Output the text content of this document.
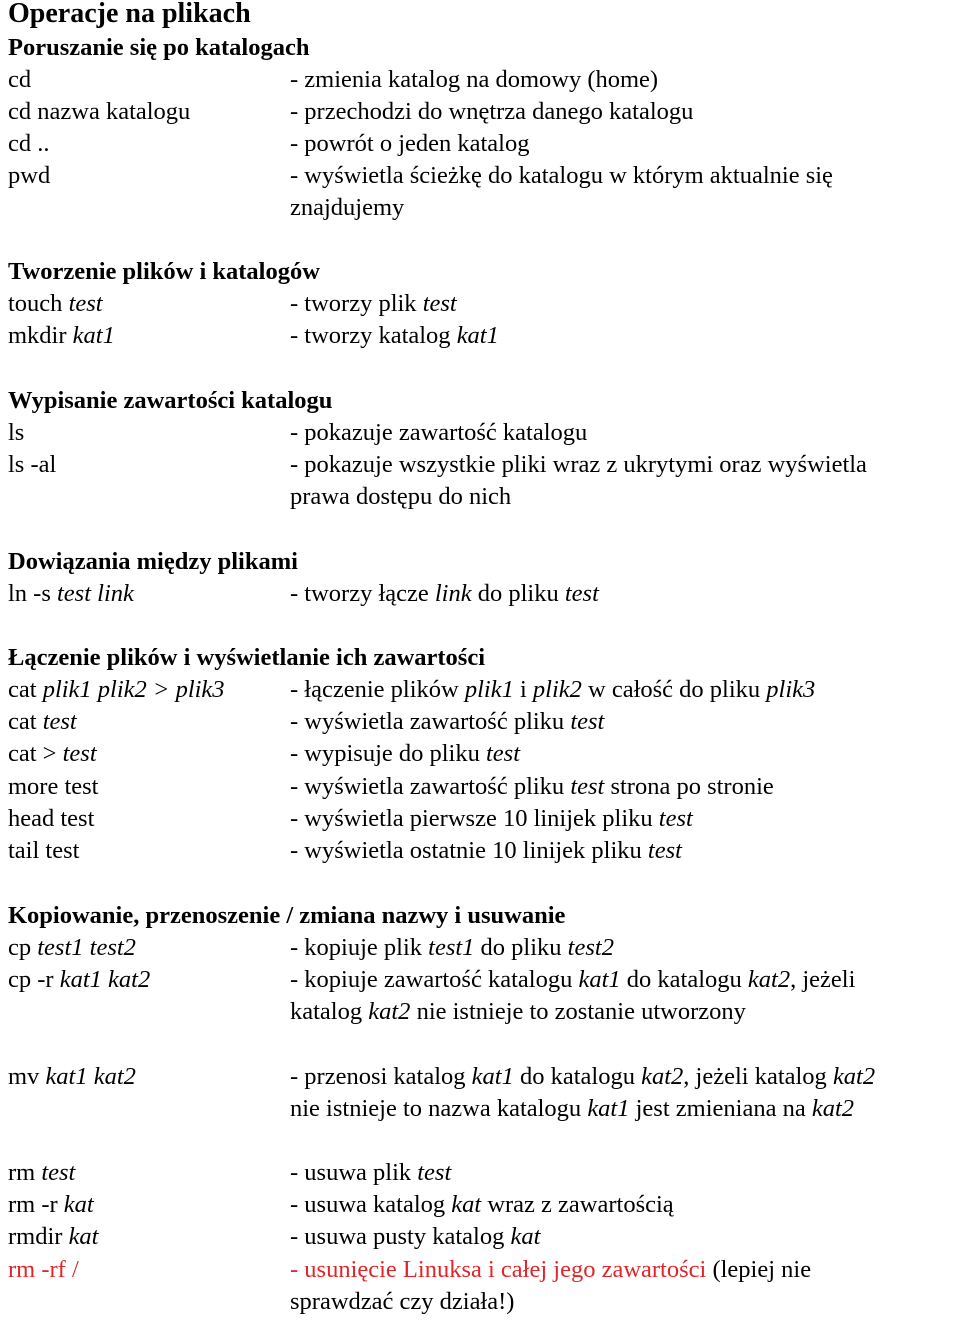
Operacje na plikach
Poruszanie się po katalogach
cd	- zmienia katalog na domowy (home)
cd nazwa katalogu	- przechodzi do wnętrza danego katalogu
cd ..	- powrót o jeden katalog
pwd	- wyświetla ścieżkę do katalogu w którym aktualnie się
znajdujemy
Tworzenie plików i katalogów
touch test	- tworzy plik test
mkdir kat1	- tworzy katalog kat1
Wypisanie zawartości katalogu
ls	- pokazuje zawartość katalogu
ls -al	- pokazuje wszystkie pliki wraz z ukrytymi oraz wyświetla
prawa dostępu do nich
Dowiązania między plikami
ln -s test link	- tworzy łącze link do pliku test
Łączenie plików i wyświetlanie ich zawartości
cat plik1 plik2 > plik3	- łączenie plików plik1 i plik2 w całość do pliku plik3
cat test	- wyświetla zawartość pliku test
cat > test	- wypisuje do pliku test
more test	- wyświetla zawartość pliku test strona po stronie
head test	- wyświetla pierwsze 10 linijek pliku test
tail test	- wyświetla ostatnie 10 linijek pliku test
Kopiowanie, przenoszenie / zmiana nazwy i usuwanie
cp test1 test2	- kopiuje plik test1 do pliku test2
cp -r kat1 kat2	- kopiuje zawartość katalogu kat1 do katalogu kat2, jeżeli
katalog kat2 nie istnieje to zostanie utworzony
mv kat1 kat2	- przenosi katalog kat1 do katalogu kat2, jeżeli katalog kat2
nie istnieje to nazwa katalogu kat1 jest zmieniana na kat2
rm test	- usuwa plik test
rm -r kat	- usuwa katalog kat wraz z zawartością
rmdir kat	- usuwa pusty katalog kat
rm -rf /	- usunięcie Linuksa i całej jego zawartości (lepiej nie
sprawdzać czy działa!)
